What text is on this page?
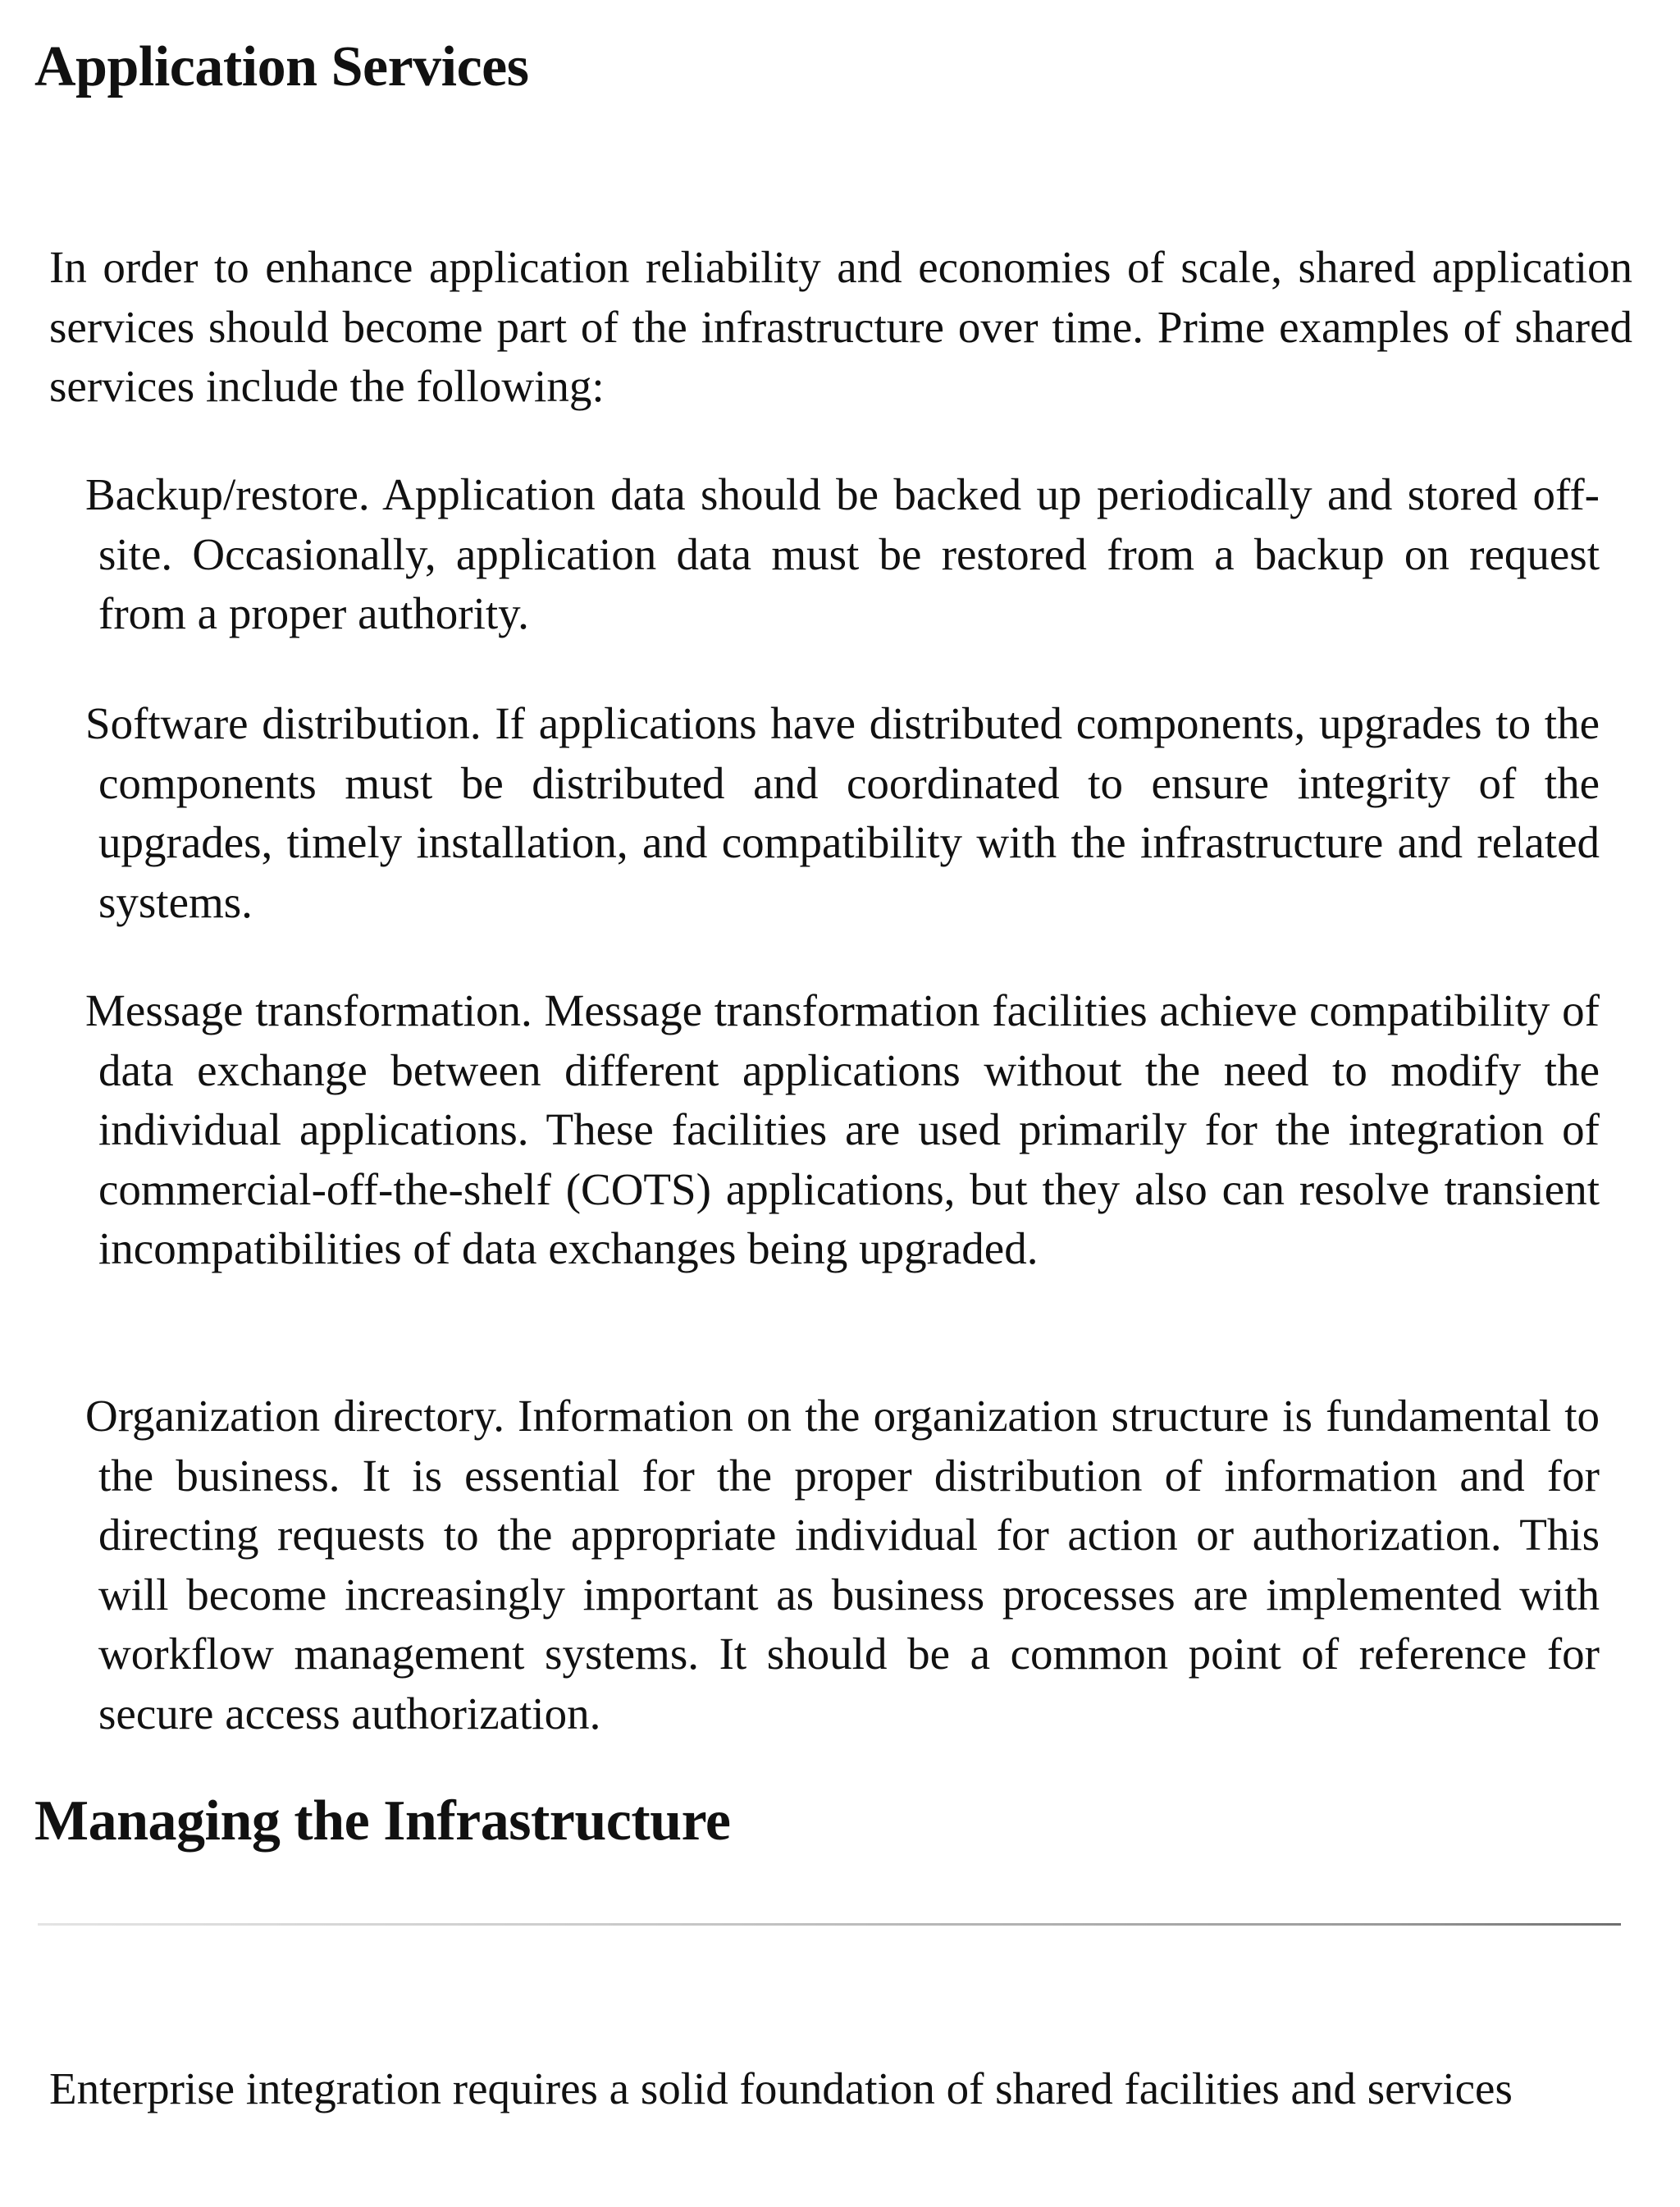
Application Services

In order to enhance application reliability and economies of scale, shared application services should become part of the infrastructure over time. Prime examples of shared services include the following:

Backup/restore. Application data should be backed up periodically and stored off-site. Occasionally, application data must be restored from a backup on request from a proper authority.

Software distribution. If applications have distributed components, upgrades to the components must be distributed and coordinated to ensure integrity of the upgrades, timely installation, and compatibility with the infrastructure and related systems.

Message transformation. Message transformation facilities achieve compatibility of data exchange between different applications without the need to modify the individual applications. These facilities are used primarily for the integration of commercial-off-the-shelf (COTS) applications, but they also can resolve transient incompatibilities of data exchanges being upgraded.

Organization directory. Information on the organization structure is fundamental to the business. It is essential for the proper distribution of information and for directing requests to the appropriate individual for action or authorization. This will become increasingly important as business processes are implemented with workflow management systems. It should be a common point of reference for secure access authorization.

Managing the Infrastructure

Enterprise integration requires a solid foundation of shared facilities and services
